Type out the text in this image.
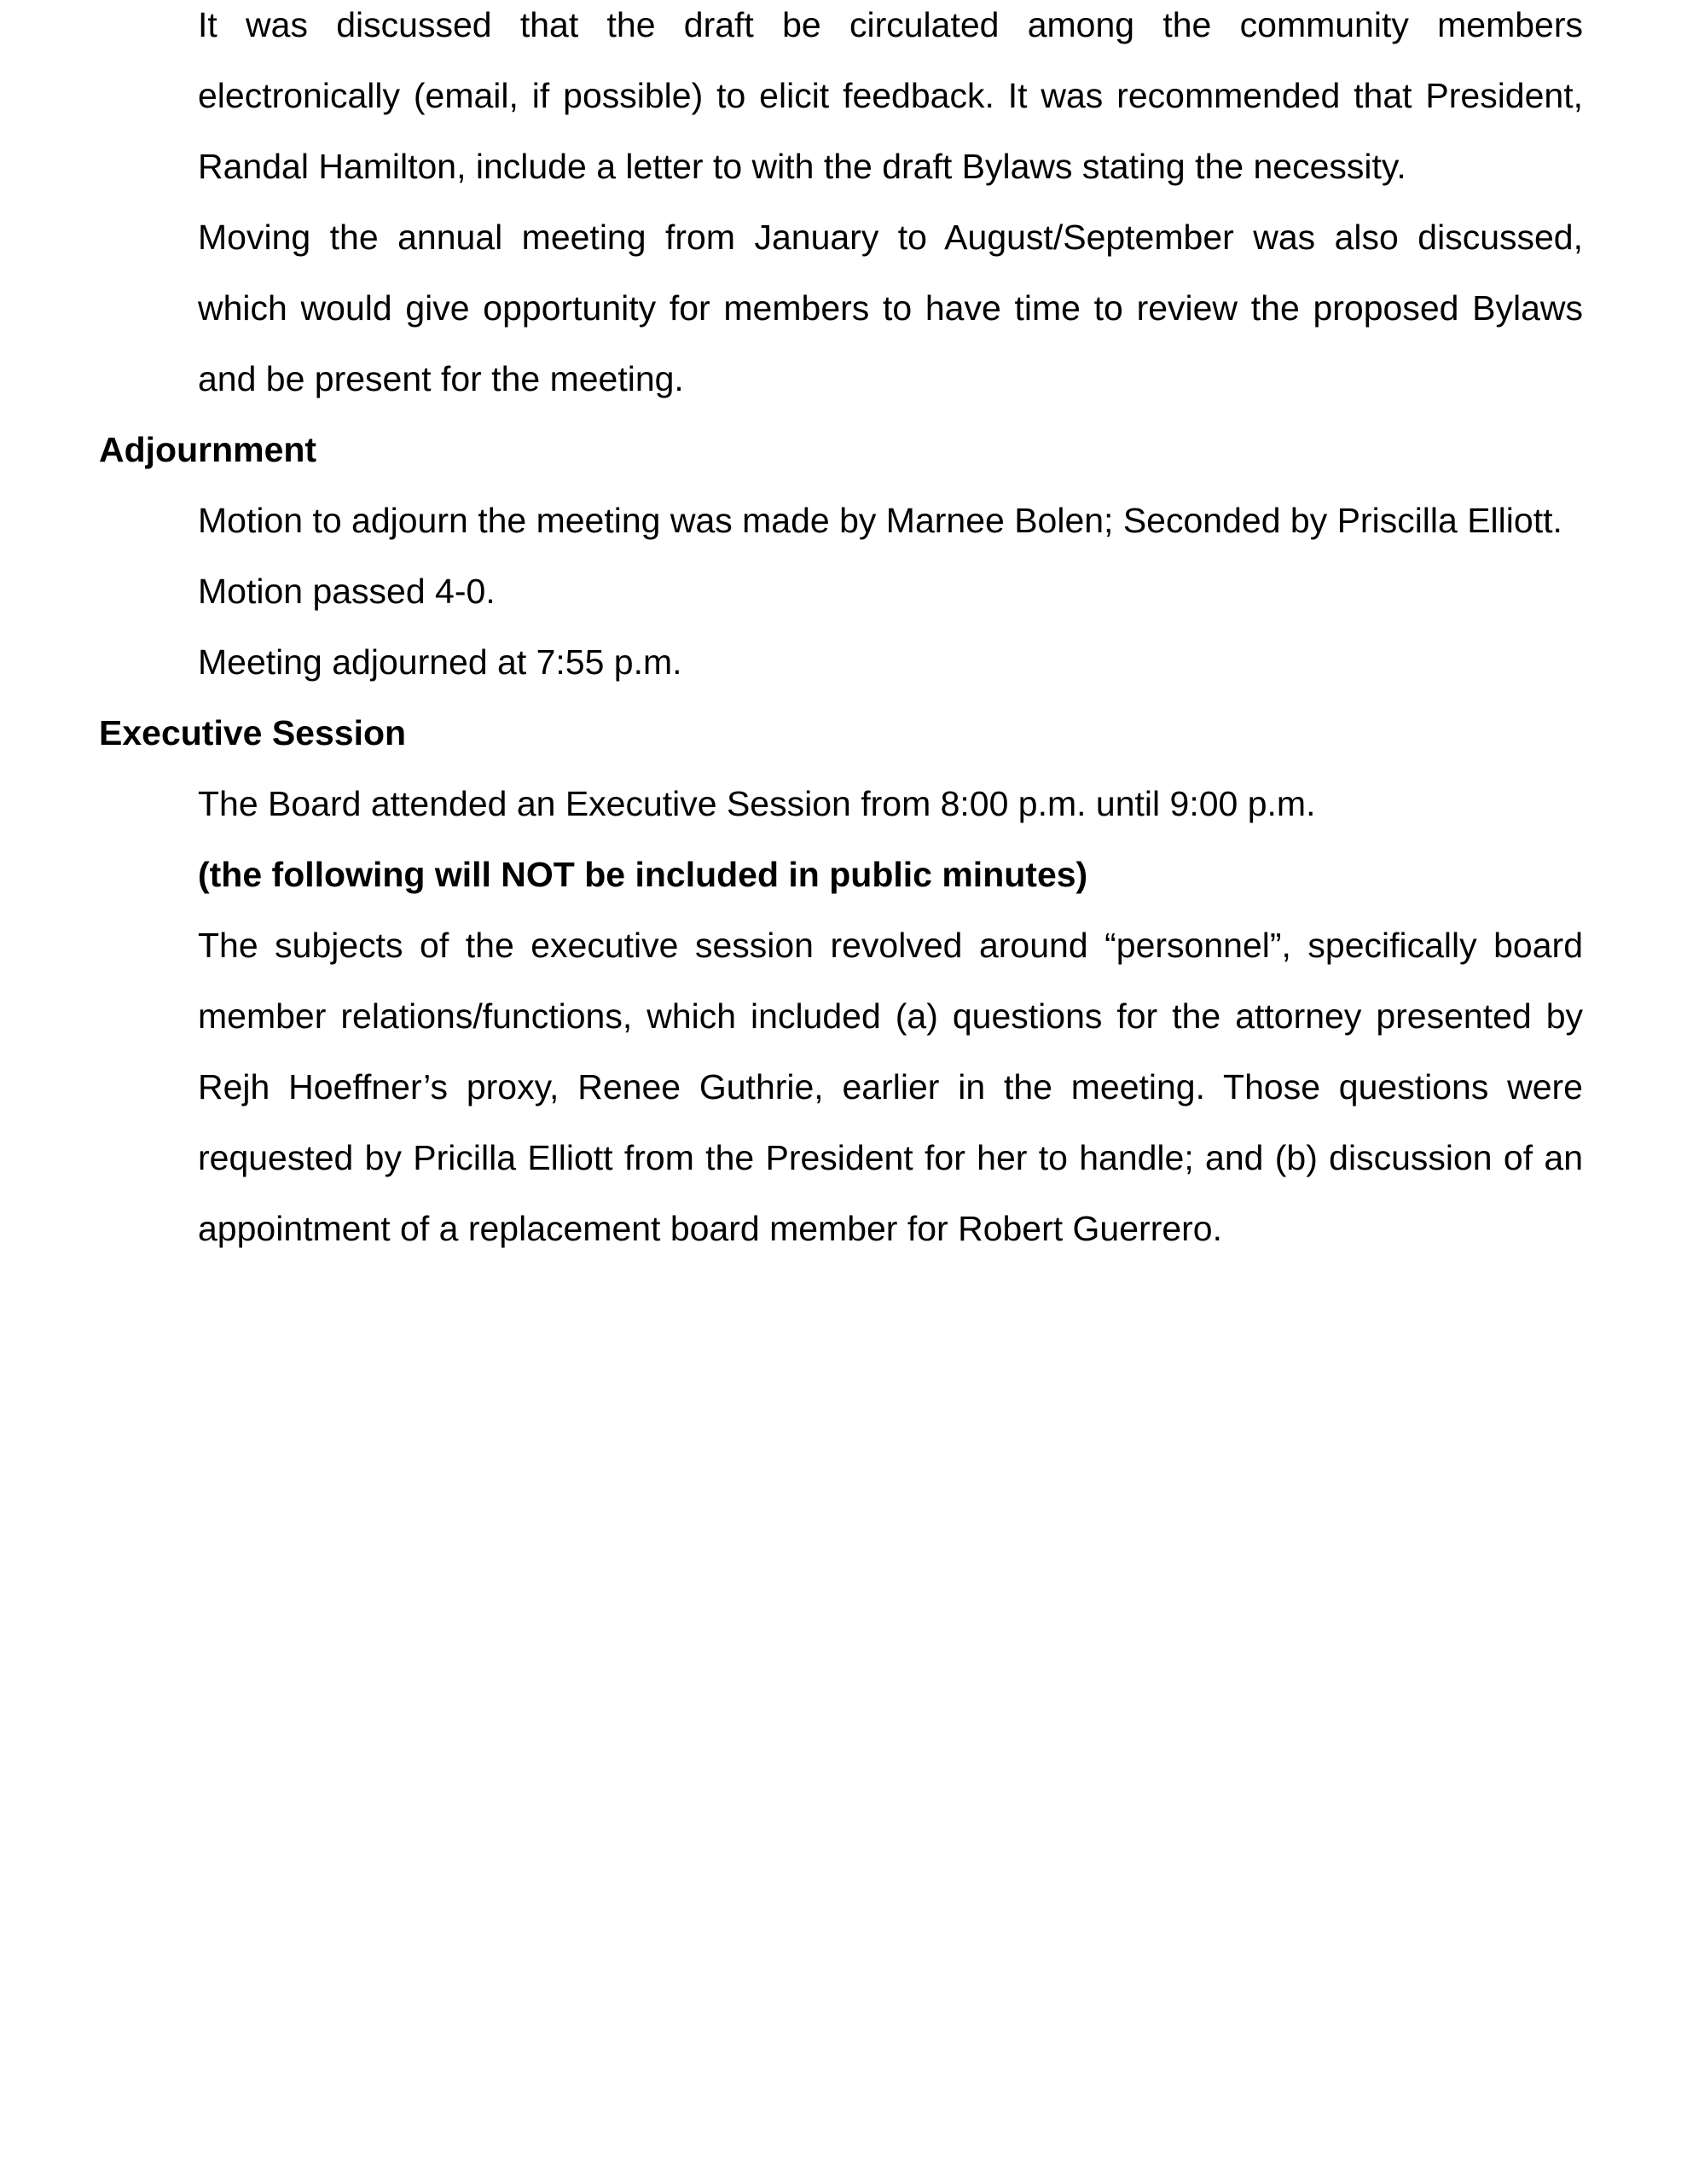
It was discussed that the draft be circulated among the community members electronically (email, if possible) to elicit feedback. It was recommended that President, Randal Hamilton, include a letter to with the draft Bylaws stating the necessity.

Moving the annual meeting from January to August/September was also discussed, which would give opportunity for members to have time to review the proposed Bylaws and be present for the meeting.

Adjournment

Motion to adjourn the meeting was made by Marnee Bolen; Seconded by Priscilla Elliott.

Motion passed 4-0.

Meeting adjourned at 7:55 p.m.

Executive Session

The Board attended an Executive Session from 8:00 p.m. until 9:00 p.m.

(the following will NOT be included in public minutes)

The subjects of the executive session revolved around “personnel”, specifically board member relations/functions, which included (a) questions for the attorney presented by Rejh Hoeffner’s proxy, Renee Guthrie, earlier in the meeting. Those questions were requested by Pricilla Elliott from the President for her to handle; and (b) discussion of an appointment of a replacement board member for Robert Guerrero.
